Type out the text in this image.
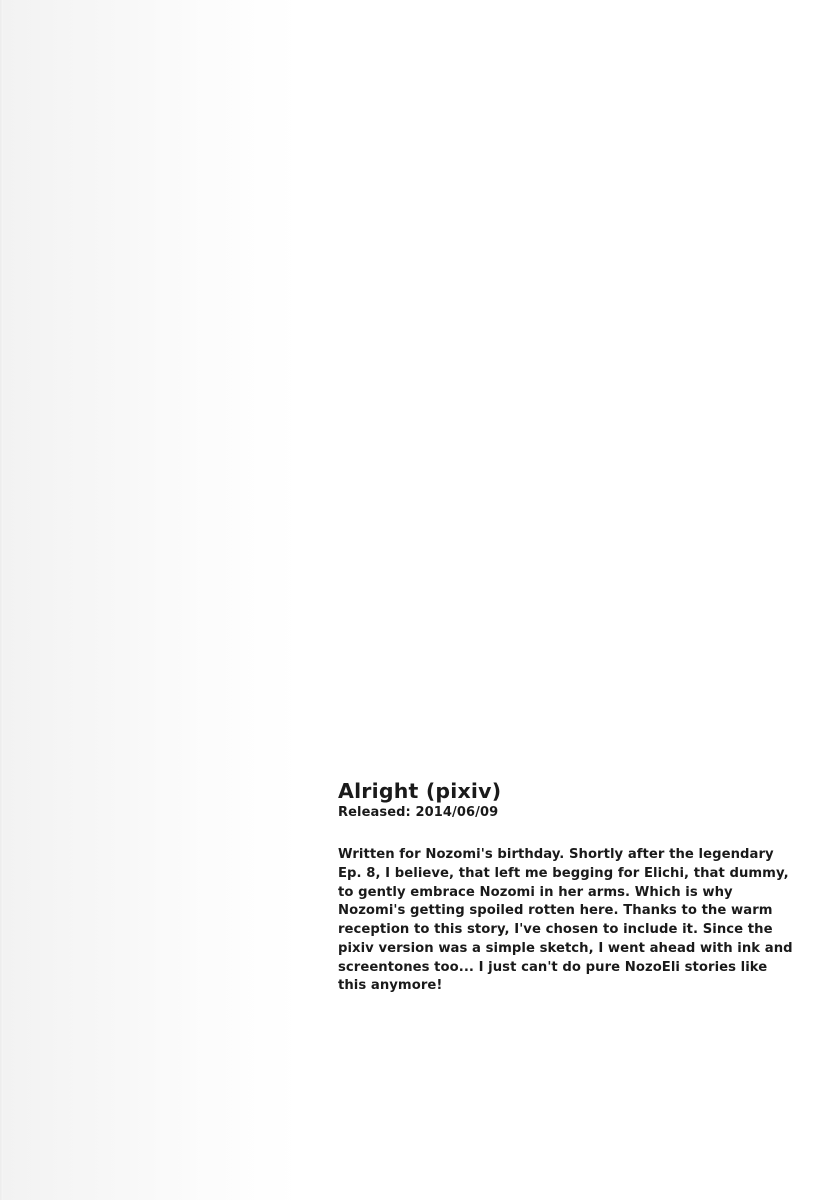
Alright (pixiv)
Released: 2014/06/09

Written for Nozomi's birthday. Shortly after the legendary Ep. 8, I believe, that left me begging for Elichi, that dummy, to gently embrace Nozomi in her arms. Which is why Nozomi's getting spoiled rotten here. Thanks to the warm reception to this story, I've chosen to include it. Since the pixiv version was a simple sketch, I went ahead with ink and screentones too... I just can't do pure NozoEli stories like this anymore!
